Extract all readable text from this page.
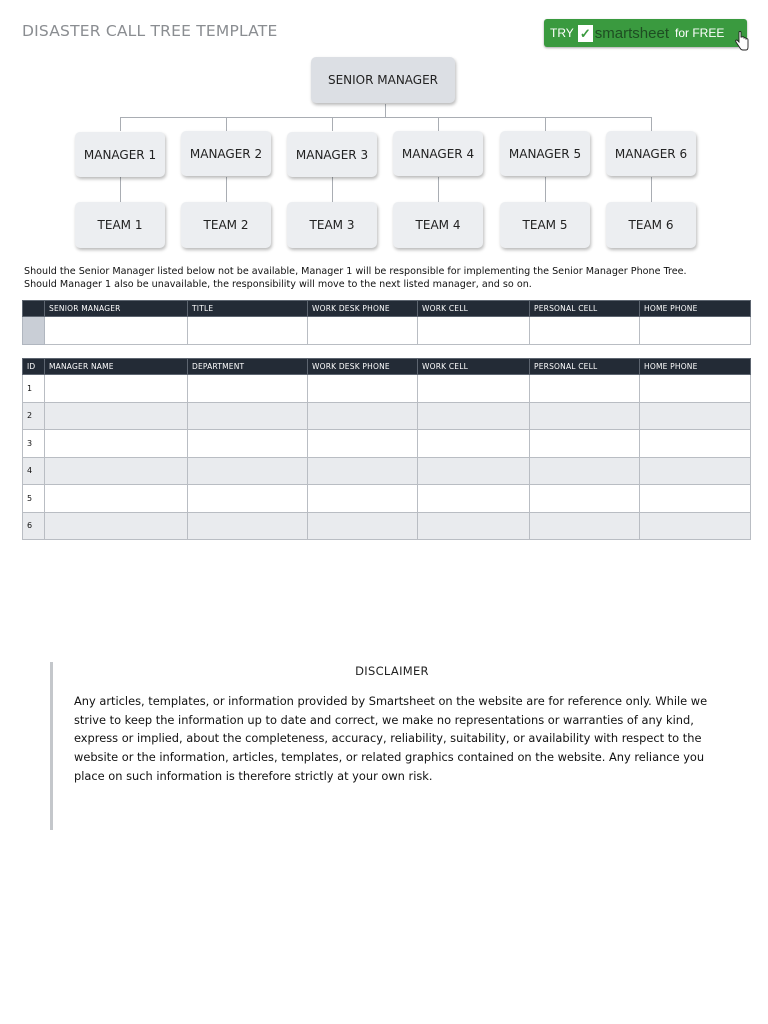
DISASTER CALL TREE TEMPLATE	TRY ✓ smartsheet for FREE
SENIOR MANAGER
MANAGER 1	MANAGER 2	MANAGER 3	MANAGER 4	MANAGER 5	MANAGER 6
TEAM 1	TEAM 2	TEAM 3	TEAM 4	TEAM 5	TEAM 6
Should the Senior Manager listed below not be available, Manager 1 will be responsible for implementing the Senior Manager Phone Tree.
Should Manager 1 also be unavailable, the responsibility will move to the next listed manager, and so on.
	SENIOR MANAGER	TITLE	WORK DESK PHONE	WORK CELL	PERSONAL CELL	HOME PHONE

ID	MANAGER NAME	DEPARTMENT	WORK DESK PHONE	WORK CELL	PERSONAL CELL	HOME PHONE
1						
2						
3						
4						
5						
6						
DISCLAIMER
Any articles, templates, or information provided by Smartsheet on the website are for reference only. While we strive to keep the information up to date and correct, we make no representations or warranties of any kind, express or implied, about the completeness, accuracy, reliability, suitability, or availability with respect to the website or the information, articles, templates, or related graphics contained on the website. Any reliance you place on such information is therefore strictly at your own risk.
